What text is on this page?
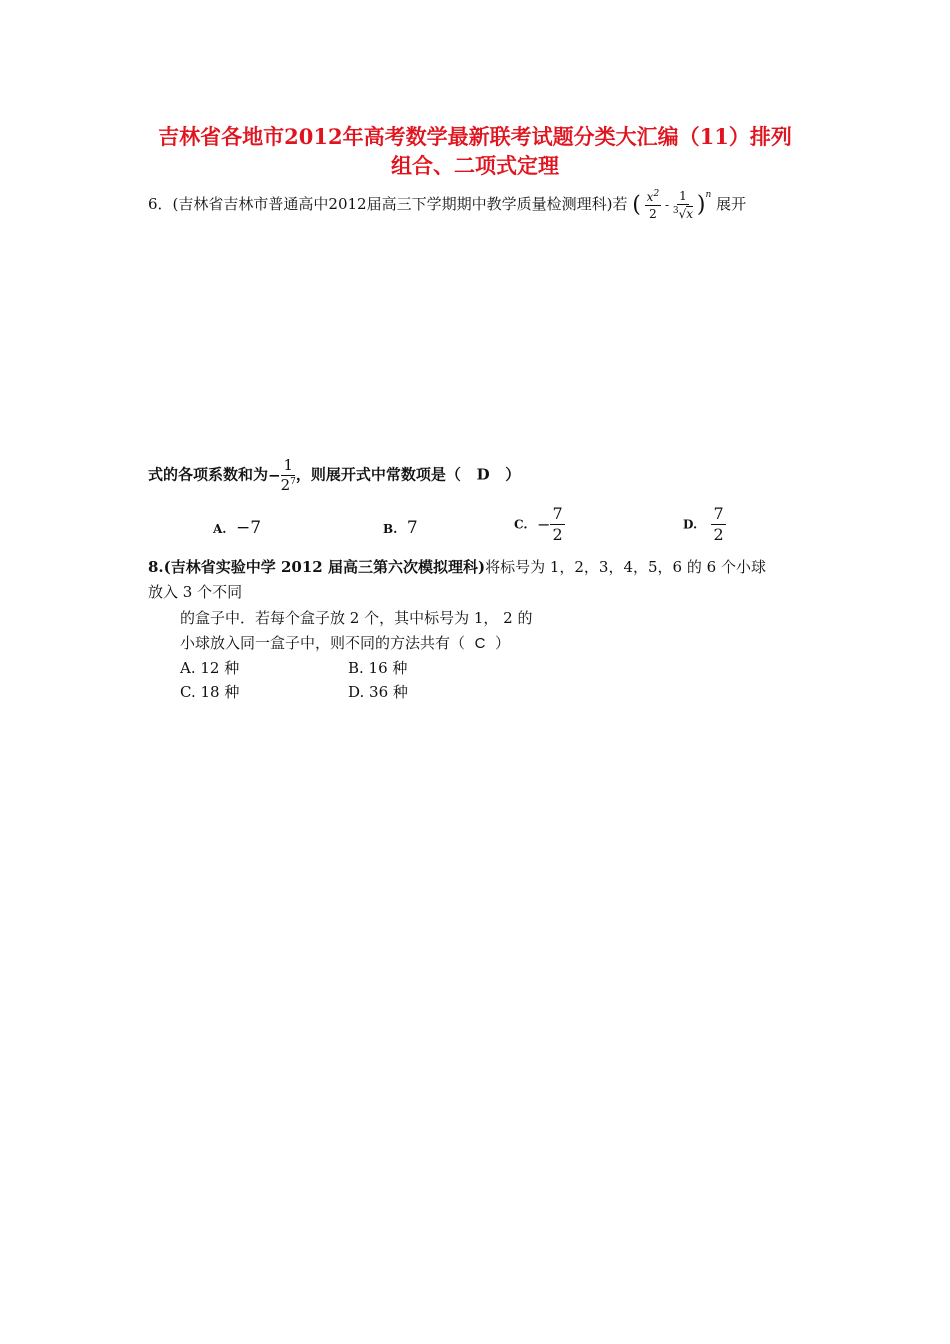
吉林省各地市2012年高考数学最新联考试题分类大汇编（11）排列
组合、二项式定理
6．(吉林省吉林市普通高中2012届高三下学期期中教学质量检测理科)若 ( $\frac{x^2}{2} - \frac{1}{^3√x} )^n$ 展开
式的各项系数和为− $\frac{1}{2^7}$ ，则展开式中常数项是（ D ）
A. −7	B. 7	C. − $\frac{7}{2}$	D. $\frac{7}{2}$
8.(吉林省实验中学 2012 届高三第六次模拟理科)将标号为 1，2，3，4，5，6 的 6 个小球
放入 3 个不同
的盒子中．若每个盒子放 2 个，其中标号为 1， 2 的
小球放入同一盒子中，则不同的方法共有（ C ）
A. 12 种	B. 16 种
C. 18 种	D. 36 种
